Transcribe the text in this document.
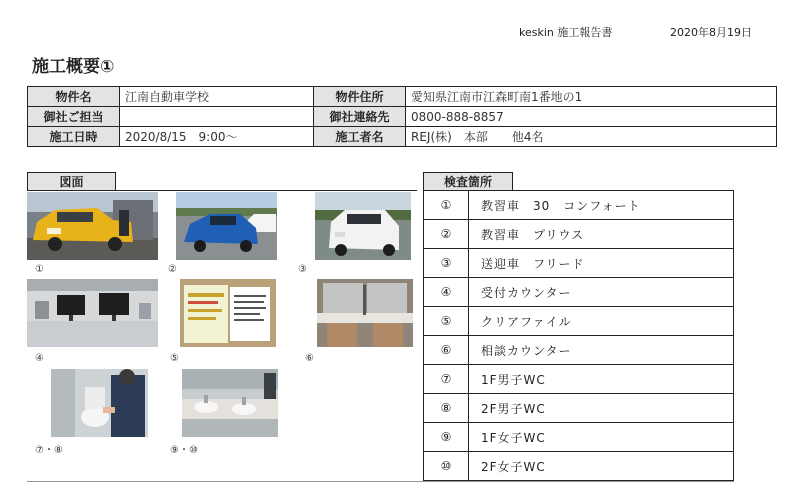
keskin 施工報告書	2020年8月19日
施工概要①
物件名	江南自動車学校	物件住所	愛知県江南市江森町南1番地の1
御社ご担当		御社連絡先	0800-888-8857
施工日時	2020/8/15　9:00〜	施工者名	REJ(株)　本部　　他4名
図面	検査箇所
①	②	③
④	⑤	⑥
⑦・⑧	⑨・⑩
①	教習車　30　コンフォート
②	教習車　プリウス
③	送迎車　フリード
④	受付カウンター
⑤	クリアファイル
⑥	相談カウンター
⑦	1F男子WC
⑧	2F男子WC
⑨	1F女子WC
⑩	2F女子WC
